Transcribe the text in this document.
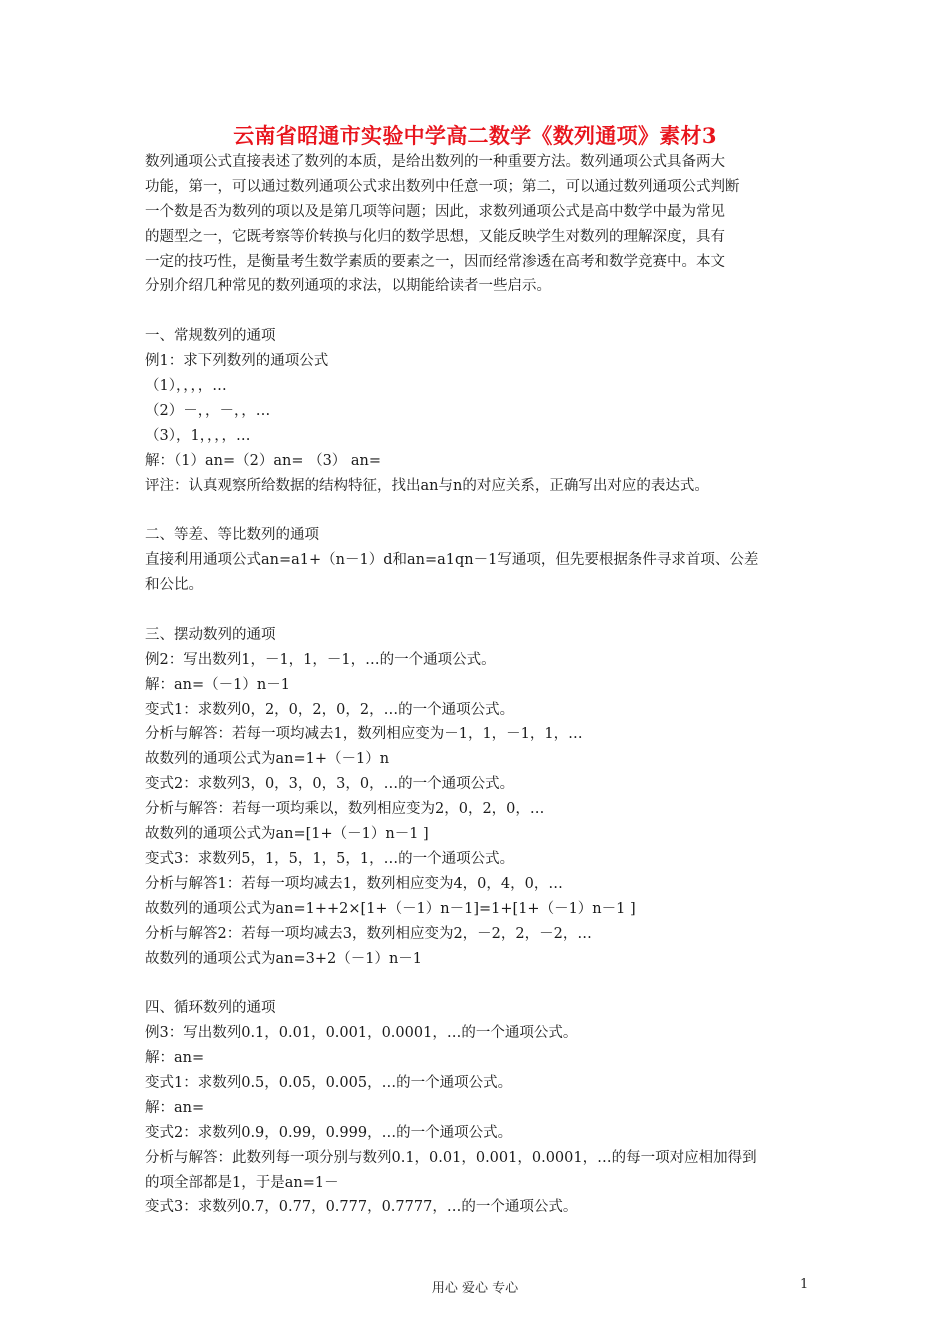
云南省昭通市实验中学高二数学《数列通项》素材3
数列通项公式直接表述了数列的本质，是给出数列的一种重要方法。数列通项公式具备两大
功能，第一，可以通过数列通项公式求出数列中任意一项；第二，可以通过数列通项公式判断
一个数是否为数列的项以及是第几项等问题；因此，求数列通项公式是高中数学中最为常见
的题型之一，它既考察等价转换与化归的数学思想，又能反映学生对数列的理解深度，具有
一定的技巧性，是衡量考生数学素质的要素之一，因而经常渗透在高考和数学竞赛中。本文
分别介绍几种常见的数列通项的求法，以期能给读者一些启示。
一、常规数列的通项
例1：求下列数列的通项公式
（1），，，，…
（2）－，，－，，…
（3），1，，，，…
解：（1）an=（2）an= （3） an=
评注：认真观察所给数据的结构特征，找出an与n的对应关系，正确写出对应的表达式。
二、等差、等比数列的通项
直接利用通项公式an=a1+（n－1）d和an=a1qn－1写通项，但先要根据条件寻求首项、公差
和公比。
三、摆动数列的通项
例2：写出数列1，－1，1，－1，…的一个通项公式。
解：an=（－1）n－1
变式1：求数列0，2，0，2，0，2，…的一个通项公式。
分析与解答：若每一项均减去1，数列相应变为－1，1，－1，1，…
故数列的通项公式为an=1+（－1）n
变式2：求数列3，0，3，0，3，0，…的一个通项公式。
分析与解答：若每一项均乘以，数列相应变为2，0，2，0，…
故数列的通项公式为an=[1+（－1）n－1 ]
变式3：求数列5，1，5，1，5，1，…的一个通项公式。
分析与解答1：若每一项均减去1，数列相应变为4，0，4，0，…
故数列的通项公式为an=1++2×[1+（－1）n－1]=1+[1+（－1）n－1 ]
分析与解答2：若每一项均减去3，数列相应变为2，－2，2，－2，…
故数列的通项公式为an=3+2（－1）n－1
四、循环数列的通项
例3：写出数列0.1，0.01，0.001，0.0001，…的一个通项公式。
解：an=
变式1：求数列0.5，0.05，0.005，…的一个通项公式。
解：an=
变式2：求数列0.9，0.99，0.999，…的一个通项公式。
分析与解答：此数列每一项分别与数列0.1，0.01，0.001，0.0001，…的每一项对应相加得到
的项全部都是1，于是an=1－
变式3：求数列0.7，0.77，0.777，0.7777，…的一个通项公式。
用心 爱心 专心	1
